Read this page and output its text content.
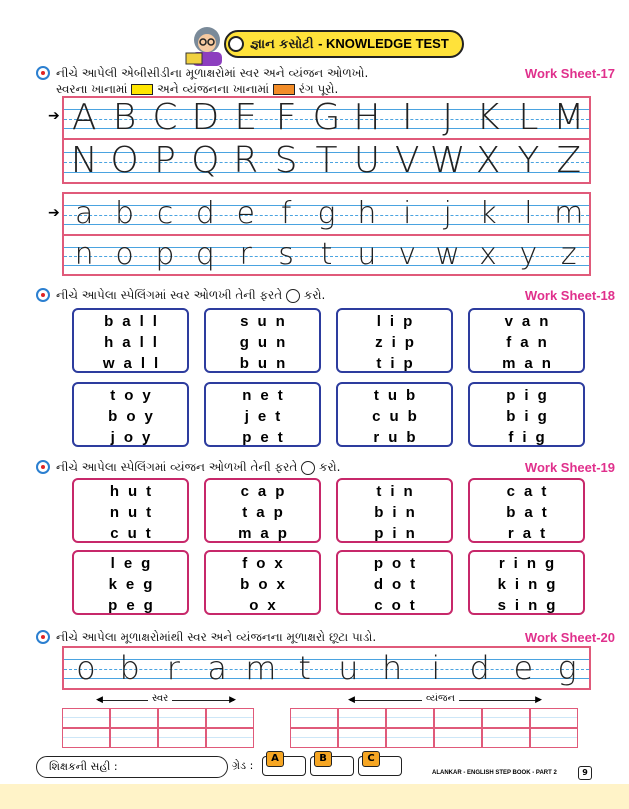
જ્ઞાન કસોટી - KNOWLEDGE TEST
નીચે આપેલી એબીસીડીના મૂળાક્ષરોમાં સ્વર અને વ્યંજન ઓળખો.	Work Sheet-17
સ્વરના ખાનામાં અને વ્યંજનના ખાનામાં રંગ પૂરો.
A B C D E F G H I J K L M
N O P Q R S T U V W X Y Z
➔
a b c d e f g h i	j k l m
n o p q r s t u v w x y z
➔
નીચે આપેલા સ્પેલિંગમાં સ્વર ઓળખી તેની ફરતે કરો.	Work Sheet-18
ball
hall
wall
sun
gun
bun
lip
zip
tip
van
fan
man
toy
boy
joy
net
jet
pet
tub
cub
rub
pig
big
fig
નીચે આપેલા સ્પેલિંગમાં વ્યંજન ઓળખી તેની ફરતે કરો.	Work Sheet-19
hut
nut
cut
cap
tap
map
tin
bin
pin
cat
bat
rat
leg
keg
peg
fox
box
ox
pot
dot
cot
ring
king
sing
નીચે આપેલા મૂળાક્ષરોમાંથી સ્વર અને વ્યંજનના મૂળાક્ષરો છૂટા પાડો.	Work Sheet-20
o b r a m t u h i d e g
◀	▶
સ્વર	◀	▶
વ્યંજન
શિક્ષકની સહી :	ગ્રેડ :
A	B	C
ALANKAR - ENGLISH STEP BOOK - PART 2	9
